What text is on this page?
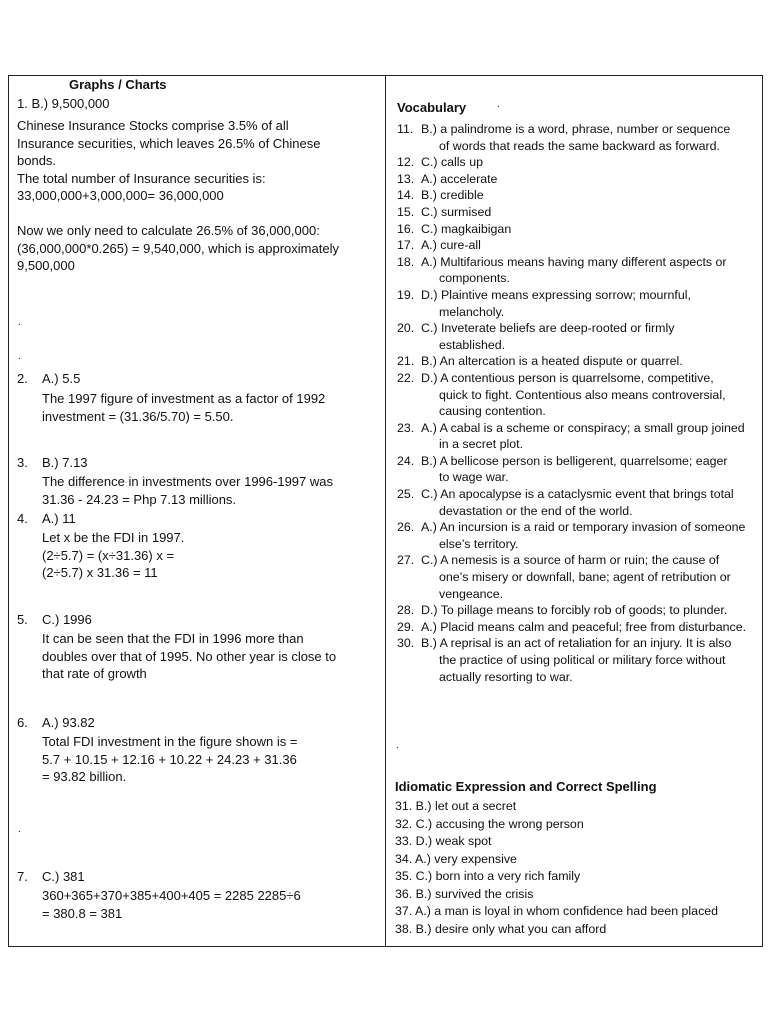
Graphs / Charts
1. B.) 9,500,000
Chinese Insurance Stocks comprise 3.5% of all
Insurance securities, which leaves 26.5% of Chinese
bonds.
The total number of Insurance securities is:
33,000,000+3,000,000= 36,000,000

Now we only need to calculate 26.5% of 36,000,000:
(36,000,000*0.265) = 9,540,000, which is approximately
9,500,000
.
.
2. A.) 5.5
The 1997 figure of investment as a factor of 1992
investment = (31.36/5.70) = 5.50.
3. B.) 7.13
The difference in investments over 1996-1997 was
31.36 - 24.23 = Php 7.13 millions.
4. A.) 11
Let x be the FDI in 1997.
(2÷5.7) = (x÷31.36) x =
(2÷5.7) x 31.36 = 11
5. C.) 1996
It can be seen that the FDI in 1996 more than
doubles over that of 1995. No other year is close to
that rate of growth
6. A.) 93.82
Total FDI investment in the figure shown is =
5.7 + 10.15 + 12.16 + 10.22 + 24.23 + 31.36
= 93.82 billion.
.
7. C.) 381
360+365+370+385+400+405 = 2285 2285÷6
= 380.8 = 381
Vocabulary	.
11. B.) a palindrome is a word, phrase, number or sequence
of words that reads the same backward as forward.
12. C.) calls up
13. A.) accelerate
14. B.) credible
15. C.) surmised
16. C.) magkaibigan
17. A.) cure-all
18. A.) Multifarious means having many different aspects or
components.
19. D.) Plaintive means expressing sorrow; mournful,
melancholy.
20. C.) Inveterate beliefs are deep-rooted or firmly
established.
21. B.) An altercation is a heated dispute or quarrel.
22. D.) A contentious person is quarrelsome, competitive,
quick to fight. Contentious also means controversial,
causing contention.
23. A.) A cabal is a scheme or conspiracy; a small group joined
in a secret plot.
24. B.) A bellicose person is belligerent, quarrelsome; eager
to wage war.
25. C.) An apocalypse is a cataclysmic event that brings total
devastation or the end of the world.
26. A.) An incursion is a raid or temporary invasion of someone
else’s territory.
27. C.) A nemesis is a source of harm or ruin; the cause of
one’s misery or downfall, bane; agent of retribution or
vengeance.
28. D.) To pillage means to forcibly rob of goods; to plunder.
29. A.) Placid means calm and peaceful; free from disturbance.
30. B.) A reprisal is an act of retaliation for an injury. It is also
the practice of using political or military force without
actually resorting to war.
.
Idiomatic Expression and Correct Spelling
31. B.) let out a secret
32. C.) accusing the wrong person
33. D.) weak spot
34. A.) very expensive
35. C.) born into a very rich family
36. B.) survived the crisis
37. A.) a man is loyal in whom confidence had been placed
38. B.) desire only what you can afford
